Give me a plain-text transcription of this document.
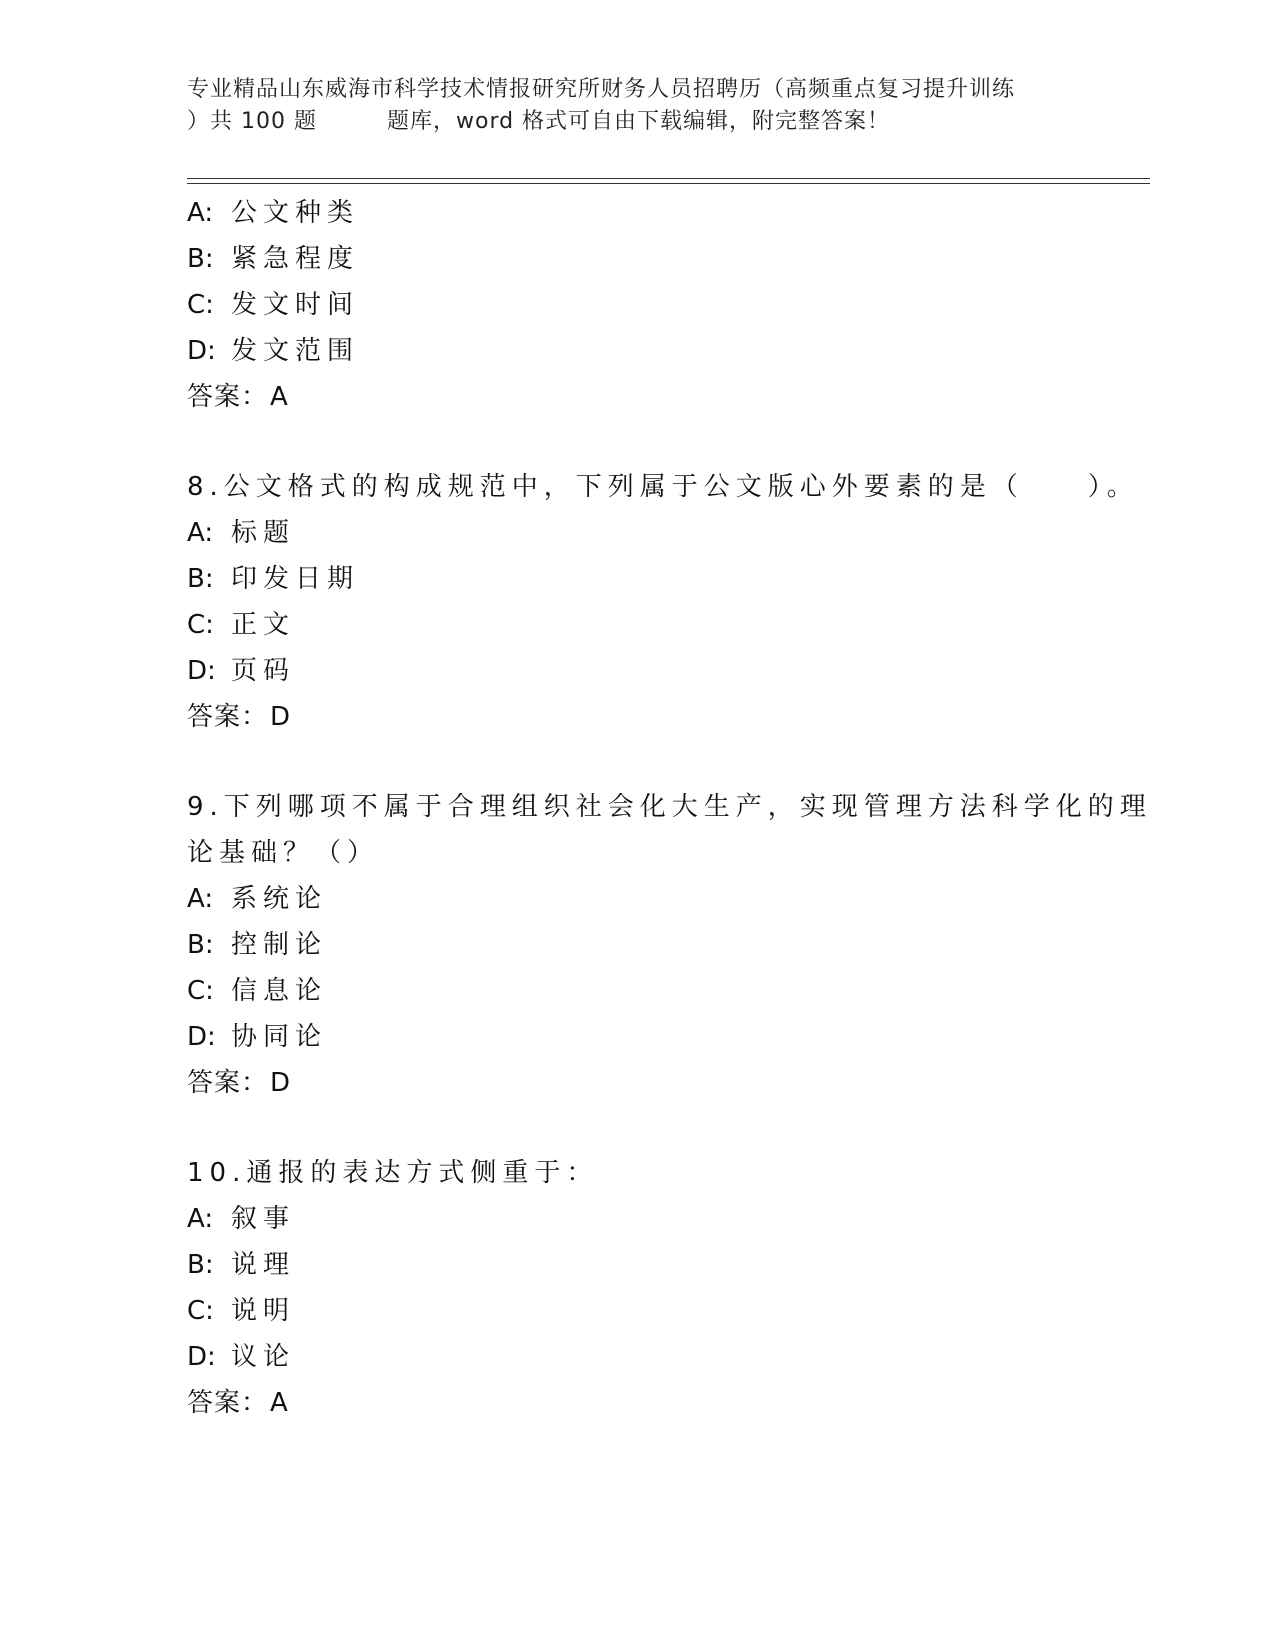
专业精品山东威海市科学技术情报研究所财务人员招聘历（高频重点复习提升训练
）共 100 题	题库，word 格式可自由下载编辑，附完整答案！
A: 公文种类
B: 紧急程度
C: 发文时间
D: 发文范围
答案：A
8.公文格式的构成规范中，下列属于公文版心外要素的是（　　）。
A: 标题
B: 印发日期
C: 正文
D: 页码
答案：D
9.下列哪项不属于合理组织社会化大生产，实现管理方法科学化的理
论基础？（）
A: 系统论
B: 控制论
C: 信息论
D: 协同论
答案：D
10.通报的表达方式侧重于：
A: 叙事
B: 说理
C: 说明
D: 议论
答案：A
